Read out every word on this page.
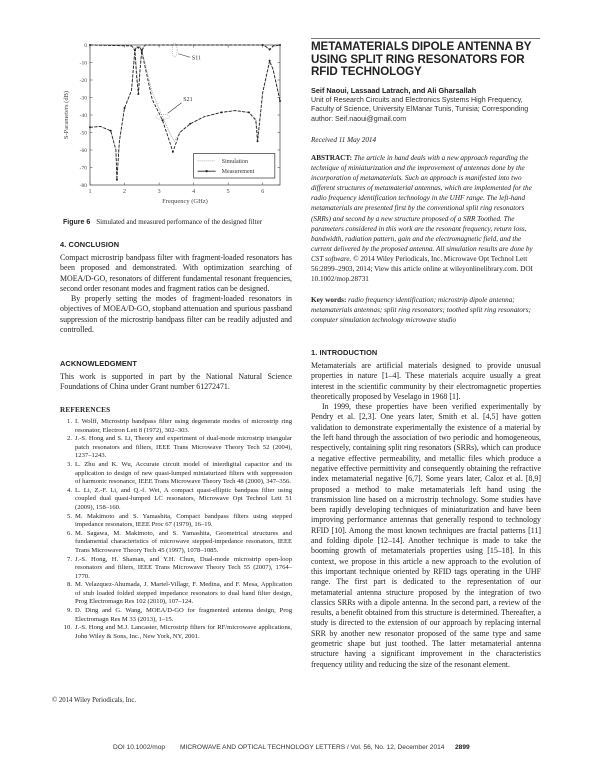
1	2	3	4	5	6
0
-10
-20
-30
-40
-50
-60
-70
-80
Frequency (GHz)
S-Parameters (dB)
S11
S21
Simulation
Measurement
Figure 6 Simulated and measured performance of the designed filter
4. CONCLUSION

Compact microstrip bandpass filter with fragment-loaded resonators has been proposed and demonstrated. With optimization searching of MOEA/D-GO, resonators of different fundamental resonant frequencies, second order resonant modes and fragment ratios can be designed.

By properly setting the modes of fragment-loaded resonators in objectives of MOEA/D-GO, stopband attenuation and spurious passband suppression of the microstrip bandpass filter can be readily adjusted and controlled.

ACKNOWLEDGMENT

This work is supported in part by the National Natural Science Foundations of China under Grant number 61272471.

REFERENCES
1. I. Wolff, Microstrip bandpass filter using degenerate modes of microstrip ring resonator, Electron Lett 8 (1972), 302–303.
2. J.-S. Hong and S. Li, Theory and experiment of dual-mode microstrip triangular patch resonators and filters, IEEE Trans Microwave Theory Tech 52 (2004), 1237–1243.
3. L. Zhu and K. Wu, Accurate circuit model of interdigital capacitor and its application to design of new quasi-lumped miniaturized filters with suppression of harmonic resonance, IEEE Trans Microwave Theory Tech 48 (2000), 347–356.
4. L. Li, Z.-F. Li, and Q.-f. Wei, A compact quasi-elliptic bandpass filter using coupled dual quasi-lumped LC resonators, Microwave Opt Technol Lett 51 (2009), 158–160.
5. M. Makimoto and S. Yamashita, Compact bandpass filters using stepped impedance resonators, IEEE Proc 67 (1979), 16–19.
6. M. Sagawa, M. Makimoto, and S. Yamashita, Geometrical structures and fundamental characteristics of microwave stepped-impedance resonators, IEEE Trans Microwave Theory Tech 45 (1997), 1078–1085.
7. J.-S. Hong, H. Shaman, and Y.H. Chun, Dual-mode microstrip open-loop resonators and filters, IEEE Trans Microwave Theory Tech 55 (2007), 1764–1770.
8. M. Velazquez-Ahumada, J. Martel-Villagr, F. Medina, and F. Mesa, Application of stub loaded folded stepped impedance resonators to dual band filter design, Prog Electromagn Res 102 (2010), 107–124.
9. D. Ding and G. Wang, MOEA/D-GO for fragmented antenna design, Prog Electromagn Res M 33 (2013), 1–15.
10. J.-S. Hong and M.J. Lancaster, Microstrip filters for RF/microwave applications, John Wiley & Sons, Inc., New York, NY, 2001.
© 2014 Wiley Periodicals, Inc.
METAMATERIALS DIPOLE ANTENNA BY USING SPLIT RING RESONATORS FOR RFID TECHNOLOGY
Seif Naoui, Lassaad Latrach, and Ali Gharsallah
Unit of Research Circuits and Electronics Systems High Frequency, Faculty of Science, University ElManar Tunis, Tunisia; Corresponding author: Seif.naoui@gmail.com
Received 11 May 2014

ABSTRACT: The article in hand deals with a new approach regarding the technique of miniaturization and the improvement of antennas done by the incorporation of metamaterials. Such an approach is manifested into two different structures of metamaterial antennas, which are implemented for the radio frequency identification technology in the UHF range. The left-hand metamaterials are presented first by the conventional split ring resonators (SRRs) and second by a new structure proposed of a SRR Toothed. The parameters considered in this work are the resonant frequency, return loss, bandwidth, radiation pattern, gain and the electromagnetic field, and the current delivered by the proposed antenna. All simulation results are done by CST software. © 2014 Wiley Periodicals, Inc. Microwave Opt Technol Lett 56:2899–2903, 2014; View this article online at wileyonlinelibrary.com. DOI 10.1002/mop.28731

Key words: radio frequency identification; microstrip dipole antenna; metamaterials antennas; split ring resonators; toothed split ring resonators; computer simulation technology microwave studio

1. INTRODUCTION

Metamaterials are artificial materials designed to provide unusual properties in nature [1–4]. These materials acquire usually a great interest in the scientific community by their electromagnetic properties theoretically proposed by Veselago in 1968 [1].

In 1999, these properties have been verified experimentally by Pendry et al. [2,3]. One years later, Smith et al. [4,5] have gotten validation to demonstrate experimentally the existence of a material by the left hand through the association of two periodic and homogeneous, respectively, containing split ring resonators (SRRs), which can produce a negative effective permeability, and metallic files which produce a negative effective permittivity and consequently obtaining the refractive index metamaterial negative [6,7]. Some years later, Caloz et al. [8,9] proposed a method to make metamaterials left hand using the transmission line based on a microstrip technology. Some studies have been rapidly developing techniques of miniaturization and have been improving performance antennas that generally respond to technology RFID [10]. Among the most known techniques are fractal patterns [11] and folding dipole [12–14]. Another technique is made to take the booming growth of metamaterials properties using [15–18]. In this context, we propose in this article a new approach to the evolution of this important technique oriented by RFID tags operating in the UHF range. The first part is dedicated to the representation of our metamaterial antenna structure proposed by the integration of two classics SRRs with a dipole antenna. In the second part, a review of the results, a benefit obtained from this structure is determined. Thereafter, a study is directed to the extension of our approach by replacing internal SRR by another new resonator proposed of the same type and same geometric shape but just toothed. The latter metamaterial antenna structure having a significant improvement in the characteristics frequency utility and reducing the size of the resonant element.

DOI 10.1002/mop MICROWAVE AND OPTICAL TECHNOLOGY LETTERS / Vol. 56, No. 12, December 2014 2899
